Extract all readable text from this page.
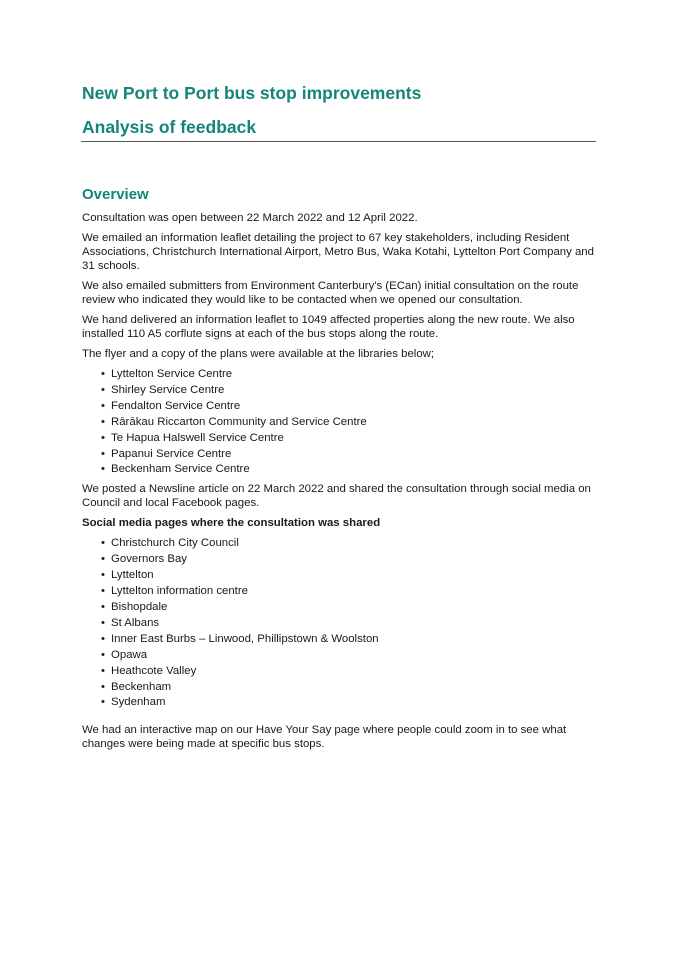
New Port to Port bus stop improvements
Analysis of feedback
Overview

Consultation was open between 22 March 2022 and 12 April 2022.

We emailed an information leaflet detailing the project to 67 key stakeholders, including Resident Associations, Christchurch International Airport, Metro Bus, Waka Kotahi, Lyttelton Port Company and 31 schools.

We also emailed submitters from Environment Canterbury's (ECan) initial consultation on the route review who indicated they would like to be contacted when we opened our consultation.

We hand delivered an information leaflet to 1049 affected properties along the new route. We also installed 110 A5 corflute signs at each of the bus stops along the route.

The flyer and a copy of the plans were available at the libraries below;

• Lyttelton Service Centre
• Shirley Service Centre
• Fendalton Service Centre
• Rārākau Riccarton Community and Service Centre
• Te Hapua Halswell Service Centre
• Papanui Service Centre
• Beckenham Service Centre

We posted a Newsline article on 22 March 2022 and shared the consultation through social media on Council and local Facebook pages.

Social media pages where the consultation was shared

• Christchurch City Council
• Governors Bay
• Lyttelton
• Lyttelton information centre
• Bishopdale
• St Albans
• Inner East Burbs – Linwood, Phillipstown & Woolston
• Opawa
• Heathcote Valley
• Beckenham
• Sydenham

We had an interactive map on our Have Your Say page where people could zoom in to see what changes were being made at specific bus stops.
